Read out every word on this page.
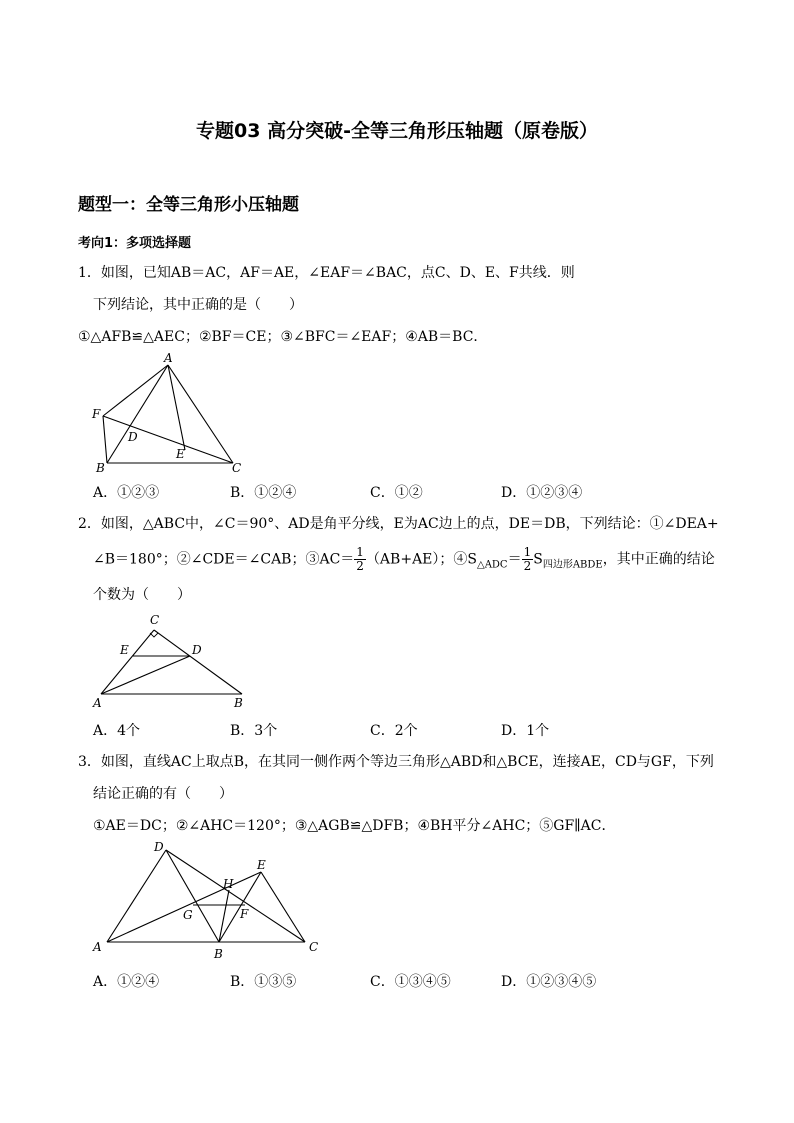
专题03 高分突破-全等三角形压轴题（原卷版）
题型一：全等三角形小压轴题
考向1：多项选择题
1．如图，已知AB＝AC，AF＝AE，∠EAF＝∠BAC，点C、D、E、F共线．则
下列结论，其中正确的是（　　）
①△AFB≌△AEC；②BF＝CE；③∠BFC＝∠EAF；④AB＝BC．
A
F
D
E
B	C
A．①②③	B．①②④	C．①②	D．①②③④
2．如图，△ABC中，∠C＝90°、AD是角平分线，E为AC边上的点，DE＝DB，下列结论：①∠DEA+
∠B＝180°；②∠CDE＝∠CAB；③AC＝ $\frac{1}{2} (AB+AE)$；$④S_{\triangle ADC}= \frac{1}{2} S_{四边形ABDE}$，其中正确的结论
个数为（　　）
C
E	D
A	B
A．4个	B．3个	C．2个	D．1个
3．如图，直线AC上取点B，在其同一侧作两个等边三角形△ABD和△BCE，连接AE，CD与GF，下列
结论正确的有（　　）
①AE＝DC；②∠AHC＝120°；③△AGB≌△DFB；④BH平分∠AHC；⑤GF∥AC．
D
E
H
G	F
A	B	C
A．①②④	B．①③⑤	C．①③④⑤	D．①②③④⑤
